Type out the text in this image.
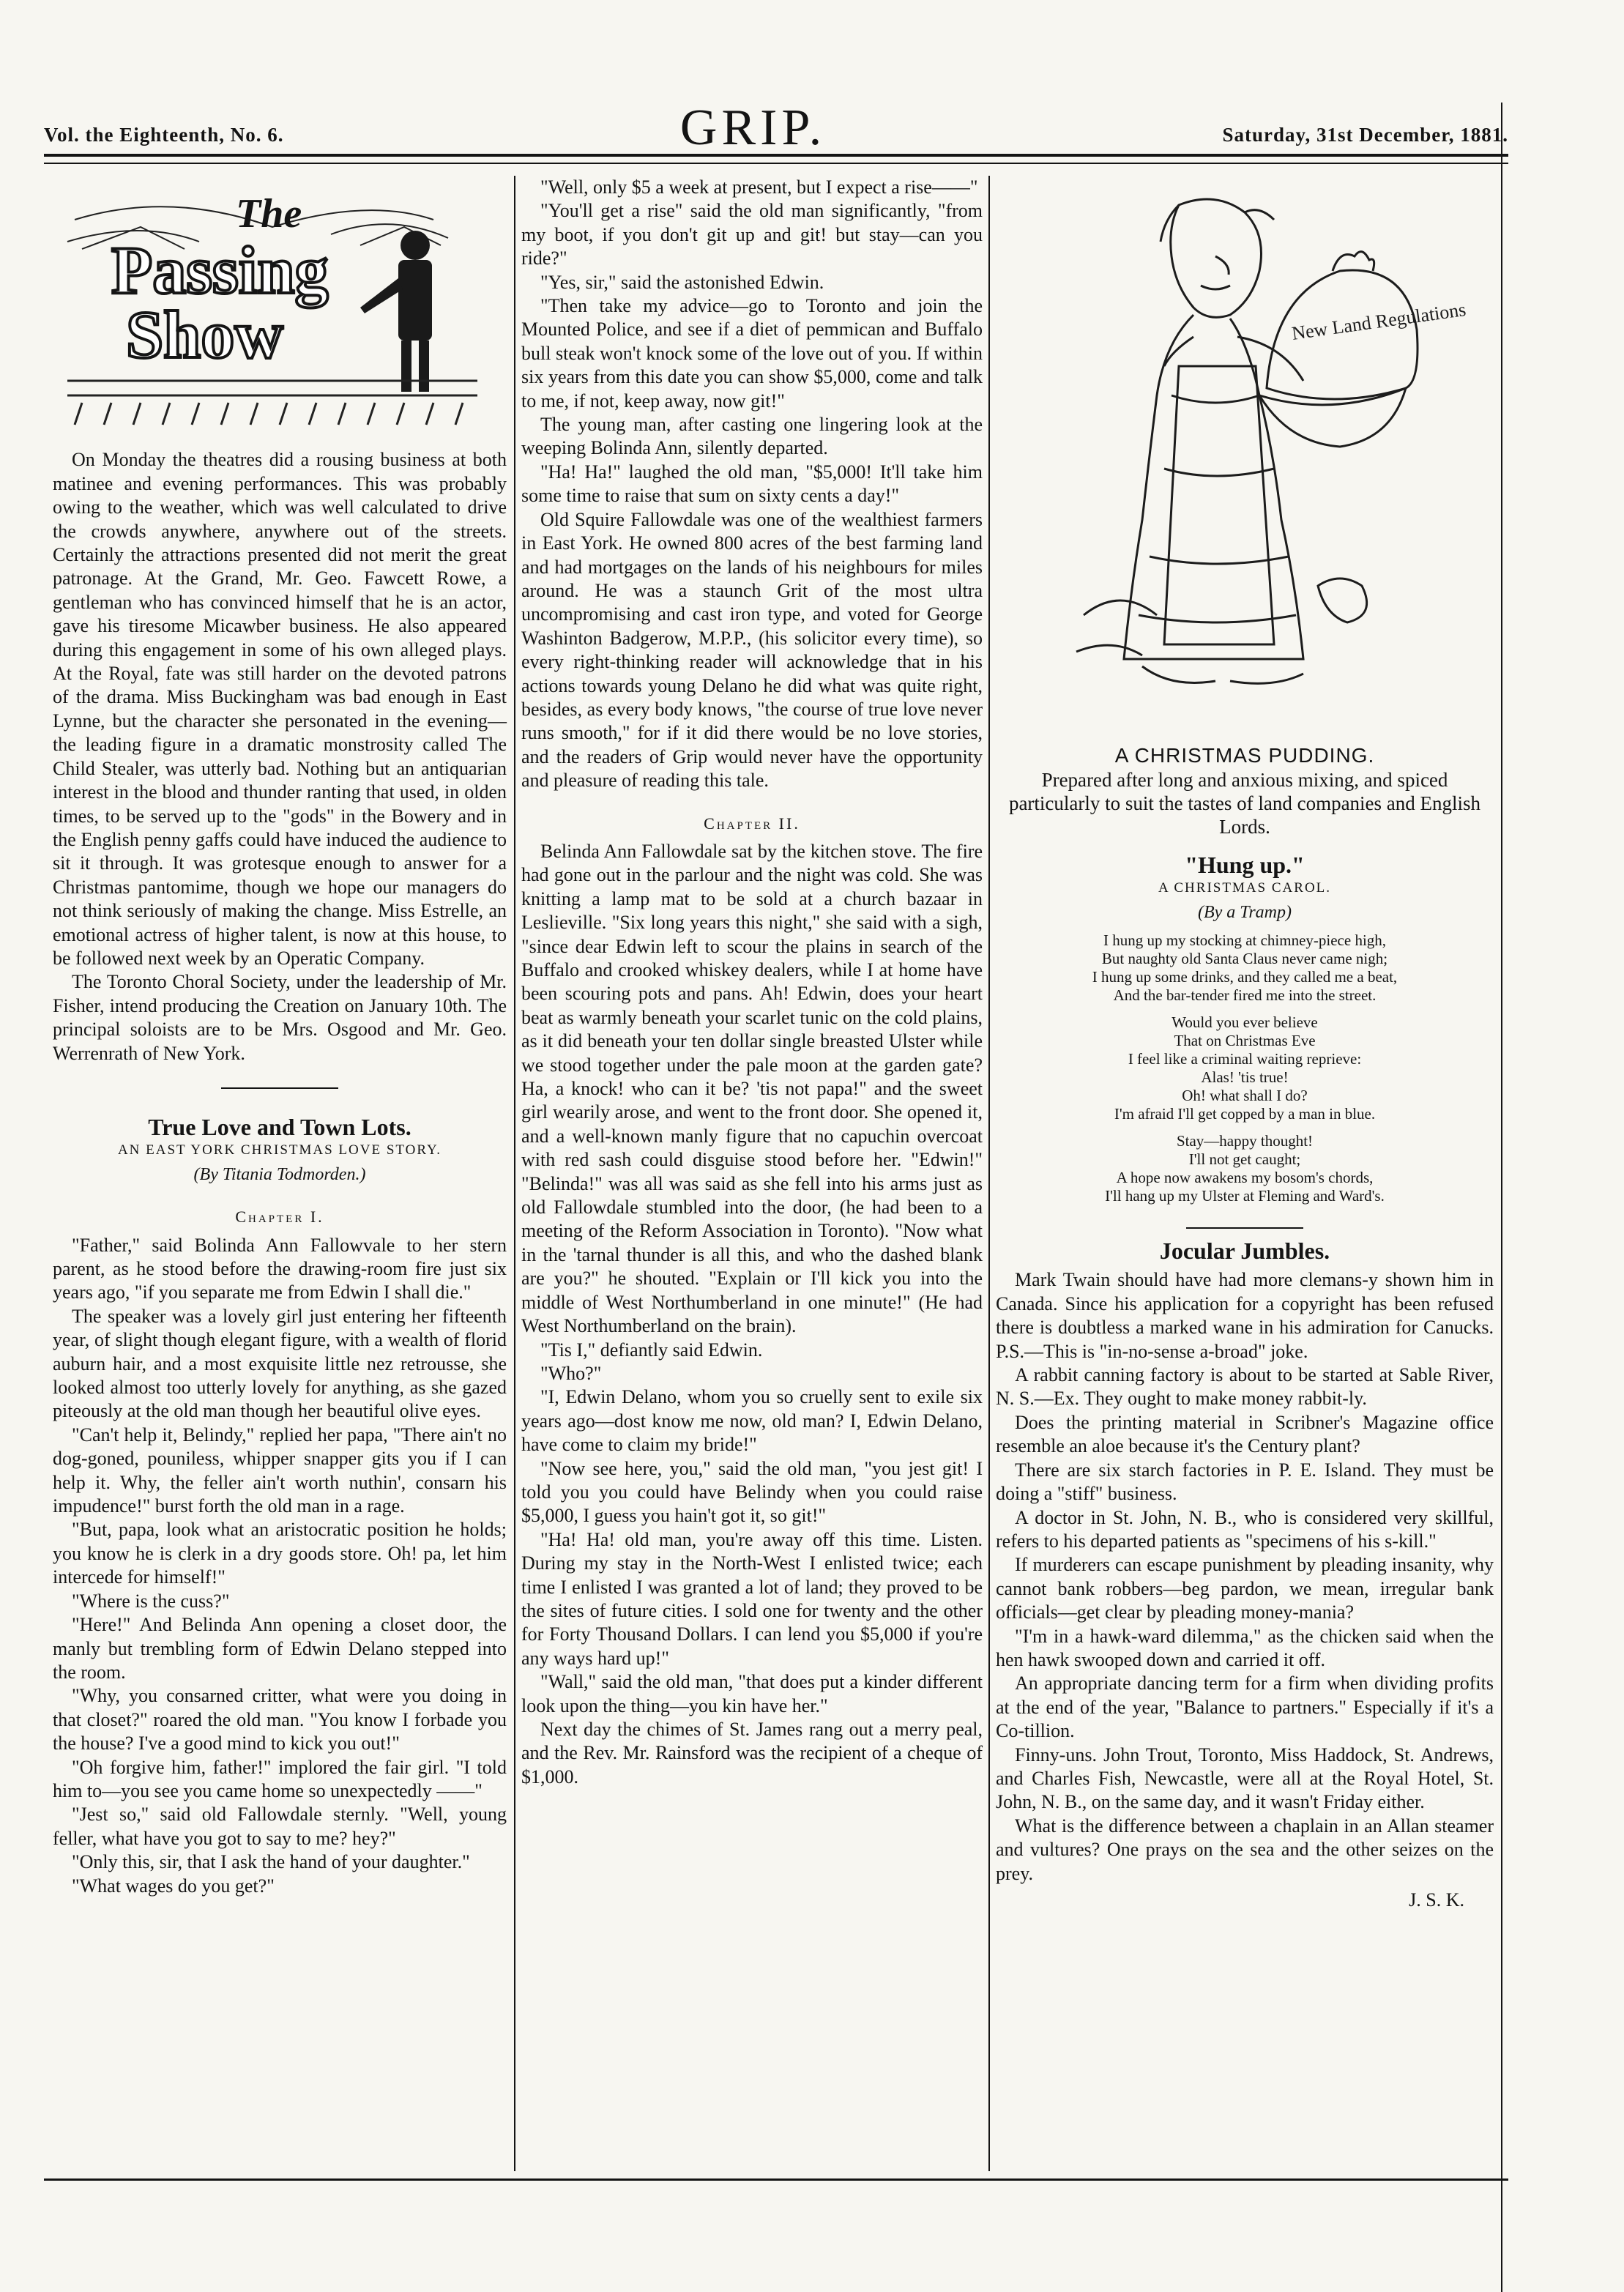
Vol. the Eighteenth, No. 6.	GRIP.	Saturday, 31st December, 1881.
The
Passing
Show

On Monday the theatres did a rousing business at both matinee and evening performances. This was probably owing to the weather, which was well calculated to drive the crowds anywhere, anywhere out of the streets. Certainly the attractions presented did not merit the great patronage. At the Grand, Mr. Geo. Fawcett Rowe, a gentleman who has convinced himself that he is an actor, gave his tiresome Micawber business. He also appeared during this engagement in some of his own alleged plays. At the Royal, fate was still harder on the devoted patrons of the drama. Miss Buckingham was bad enough in East Lynne, but the character she personated in the evening—the leading figure in a dramatic monstrosity called The Child Stealer, was utterly bad. Nothing but an antiquarian interest in the blood and thunder ranting that used, in olden times, to be served up to the "gods" in the Bowery and in the English penny gaffs could have induced the audience to sit it through. It was grotesque enough to answer for a Christmas pantomime, though we hope our managers do not think seriously of making the change. Miss Estrelle, an emotional actress of higher talent, is now at this house, to be followed next week by an Operatic Company.

The Toronto Choral Society, under the leadership of Mr. Fisher, intend producing the Creation on January 10th. The principal soloists are to be Mrs. Osgood and Mr. Geo. Werrenrath of New York.

True Love and Town Lots.
AN EAST YORK CHRISTMAS LOVE STORY.
(By Titania Todmorden.)
Chapter I.

"Father," said Bolinda Ann Fallowvale to her stern parent, as he stood before the drawing-room fire just six years ago, "if you separate me from Edwin I shall die."

The speaker was a lovely girl just entering her fifteenth year, of slight though elegant figure, with a wealth of florid auburn hair, and a most exquisite little nez retrousse, she looked almost too utterly lovely for anything, as she gazed piteously at the old man though her beautiful olive eyes.

"Can't help it, Belindy," replied her papa, "There ain't no dog-goned, pouniless, whipper snapper gits you if I can help it. Why, the feller ain't worth nuthin', consarn his impudence!" burst forth the old man in a rage.

"But, papa, look what an aristocratic position he holds; you know he is clerk in a dry goods store. Oh! pa, let him intercede for himself!"

"Where is the cuss?"

"Here!" And Belinda Ann opening a closet door, the manly but trembling form of Edwin Delano stepped into the room.

"Why, you consarned critter, what were you doing in that closet?" roared the old man. "You know I forbade you the house? I've a good mind to kick you out!"

"Oh forgive him, father!" implored the fair girl. "I told him to—you see you came home so unexpectedly ——"

"Jest so," said old Fallowdale sternly. "Well, young feller, what have you got to say to me? hey?"

"Only this, sir, that I ask the hand of your daughter."

"What wages do you get?"

"Well, only $5 a week at present, but I expect a rise——"

"You'll get a rise" said the old man significantly, "from my boot, if you don't git up and git! but stay—can you ride?"

"Yes, sir," said the astonished Edwin.

"Then take my advice—go to Toronto and join the Mounted Police, and see if a diet of pemmican and Buffalo bull steak won't knock some of the love out of you. If within six years from this date you can show $5,000, come and talk to me, if not, keep away, now git!"

The young man, after casting one lingering look at the weeping Bolinda Ann, silently departed.

"Ha! Ha!" laughed the old man, "$5,000! It'll take him some time to raise that sum on sixty cents a day!"

Old Squire Fallowdale was one of the wealthiest farmers in East York. He owned 800 acres of the best farming land and had mortgages on the lands of his neighbours for miles around. He was a staunch Grit of the most ultra uncompromising and cast iron type, and voted for George Washinton Badgerow, M.P.P., (his solicitor every time), so every right-thinking reader will acknowledge that in his actions towards young Delano he did what was quite right, besides, as every body knows, "the course of true love never runs smooth," for if it did there would be no love stories, and the readers of Grip would never have the opportunity and pleasure of reading this tale.

Chapter II.

Belinda Ann Fallowdale sat by the kitchen stove. The fire had gone out in the parlour and the night was cold. She was knitting a lamp mat to be sold at a church bazaar in Leslieville. "Six long years this night," she said with a sigh, "since dear Edwin left to scour the plains in search of the Buffalo and crooked whiskey dealers, while I at home have been scouring pots and pans. Ah! Edwin, does your heart beat as warmly beneath your scarlet tunic on the cold plains, as it did beneath your ten dollar single breasted Ulster while we stood together under the pale moon at the garden gate? Ha, a knock! who can it be? 'tis not papa!" and the sweet girl wearily arose, and went to the front door. She opened it, and a well-known manly figure that no capuchin overcoat with red sash could disguise stood before her. "Edwin!" "Belinda!" was all was said as she fell into his arms just as old Fallowdale stumbled into the door, (he had been to a meeting of the Reform Association in Toronto). "Now what in the 'tarnal thunder is all this, and who the dashed blank are you?" he shouted. "Explain or I'll kick you into the middle of West Northumberland in one minute!" (He had West Northumberland on the brain).

"Tis I," defiantly said Edwin.

"Who?"

"I, Edwin Delano, whom you so cruelly sent to exile six years ago—dost know me now, old man? I, Edwin Delano, have come to claim my bride!"

"Now see here, you," said the old man, "you jest git! I told you you could have Belindy when you could raise $5,000, I guess you hain't got it, so git!"

"Ha! Ha! old man, you're away off this time. Listen. During my stay in the North-West I enlisted twice; each time I enlisted I was granted a lot of land; they proved to be the sites of future cities. I sold one for twenty and the other for Forty Thousand Dollars. I can lend you $5,000 if you're any ways hard up!"

"Wall," said the old man, "that does put a kinder different look upon the thing—you kin have her."

Next day the chimes of St. James rang out a merry peal, and the Rev. Mr. Rainsford was the recipient of a cheque of $1,000.

New Land Regulations
A CHRISTMAS PUDDING.
Prepared after long and anxious mixing, and spiced particularly to suit the tastes of land companies and English Lords.
"Hung up."
A CHRISTMAS CAROL.
(By a Tramp)
I hung up my stocking at chimney-piece high,
But naughty old Santa Claus never came nigh;
I hung up some drinks, and they called me a beat,
And the bar-tender fired me into the street.
Would you ever believe
That on Christmas Eve
I feel like a criminal waiting reprieve:
Alas! 'tis true!
Oh! what shall I do?
I'm afraid I'll get copped by a man in blue.
Stay—happy thought!
I'll not get caught;
A hope now awakens my bosom's chords,
I'll hang up my Ulster at Fleming and Ward's.
Jocular Jumbles.

Mark Twain should have had more clemans-y shown him in Canada. Since his application for a copyright has been refused there is doubtless a marked wane in his admiration for Canucks. P.S.—This is "in-no-sense a-broad" joke.

A rabbit canning factory is about to be started at Sable River, N. S.—Ex. They ought to make money rabbit-ly.

Does the printing material in Scribner's Magazine office resemble an aloe because it's the Century plant?

There are six starch factories in P. E. Island. They must be doing a "stiff" business.

A doctor in St. John, N. B., who is considered very skillful, refers to his departed patients as "specimens of his s-kill."

If murderers can escape punishment by pleading insanity, why cannot bank robbers—beg pardon, we mean, irregular bank officials—get clear by pleading money-mania?

"I'm in a hawk-ward dilemma," as the chicken said when the hen hawk swooped down and carried it off.

An appropriate dancing term for a firm when dividing profits at the end of the year, "Balance to partners." Especially if it's a Co-tillion.

Finny-uns. John Trout, Toronto, Miss Haddock, St. Andrews, and Charles Fish, Newcastle, were all at the Royal Hotel, St. John, N. B., on the same day, and it wasn't Friday either.

What is the difference between a chaplain in an Allan steamer and vultures? One prays on the sea and the other seizes on the prey.

J. S. K.
